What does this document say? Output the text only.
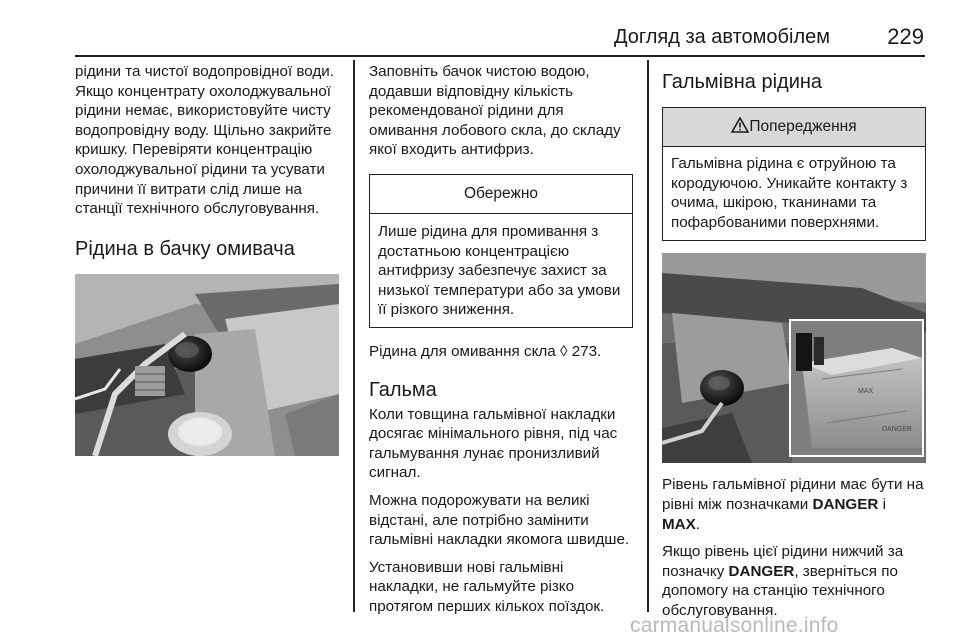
Догляд за автомобілем	229

рідини та чистої водопровідної води. Якщо концентрату охолоджувальної рідини немає, використовуйте чисту водопровідну воду. Щільно закрийте кришку. Перевіряти концентрацію охолоджувальної рідини та усувати причини її витрати слід лише на станції технічного обслуговування.

Рідина в бачку омивача

Заповніть бачок чистою водою, додавши відповідну кількість рекомендованої рідини для омивання лобового скла, до складу якої входить антифриз.

Обережно
Лише рідина для промивання з достатньою концентрацією антифризу забезпечує захист за низької температури або за умови її різкого зниження.

Рідина для омивання скла ◊ 273.

Гальма

Коли товщина гальмівної накладки досягає мінімального рівня, під час гальмування лунає пронизливий сигнал.

Можна подорожувати на великі відстані, але потрібно замінити гальмівні накладки якомога швидше.

Установивши нові гальмівні накладки, не гальмуйте різко протягом перших кількох поїздок.

Гальмівна рідина
Попередження
Гальмівна рідина є отруйною та кородуючою. Уникайте контакту з очима, шкірою, тканинами та пофарбованими поверхнями.
MAX
DANGER

Рівень гальмівної рідини має бути на рівні між позначками DANGER і MAX.

Якщо рівень цієї рідини нижчий за позначку DANGER, зверніться по допомогу на станцію технічного обслуговування.

carmanualsonline.info
